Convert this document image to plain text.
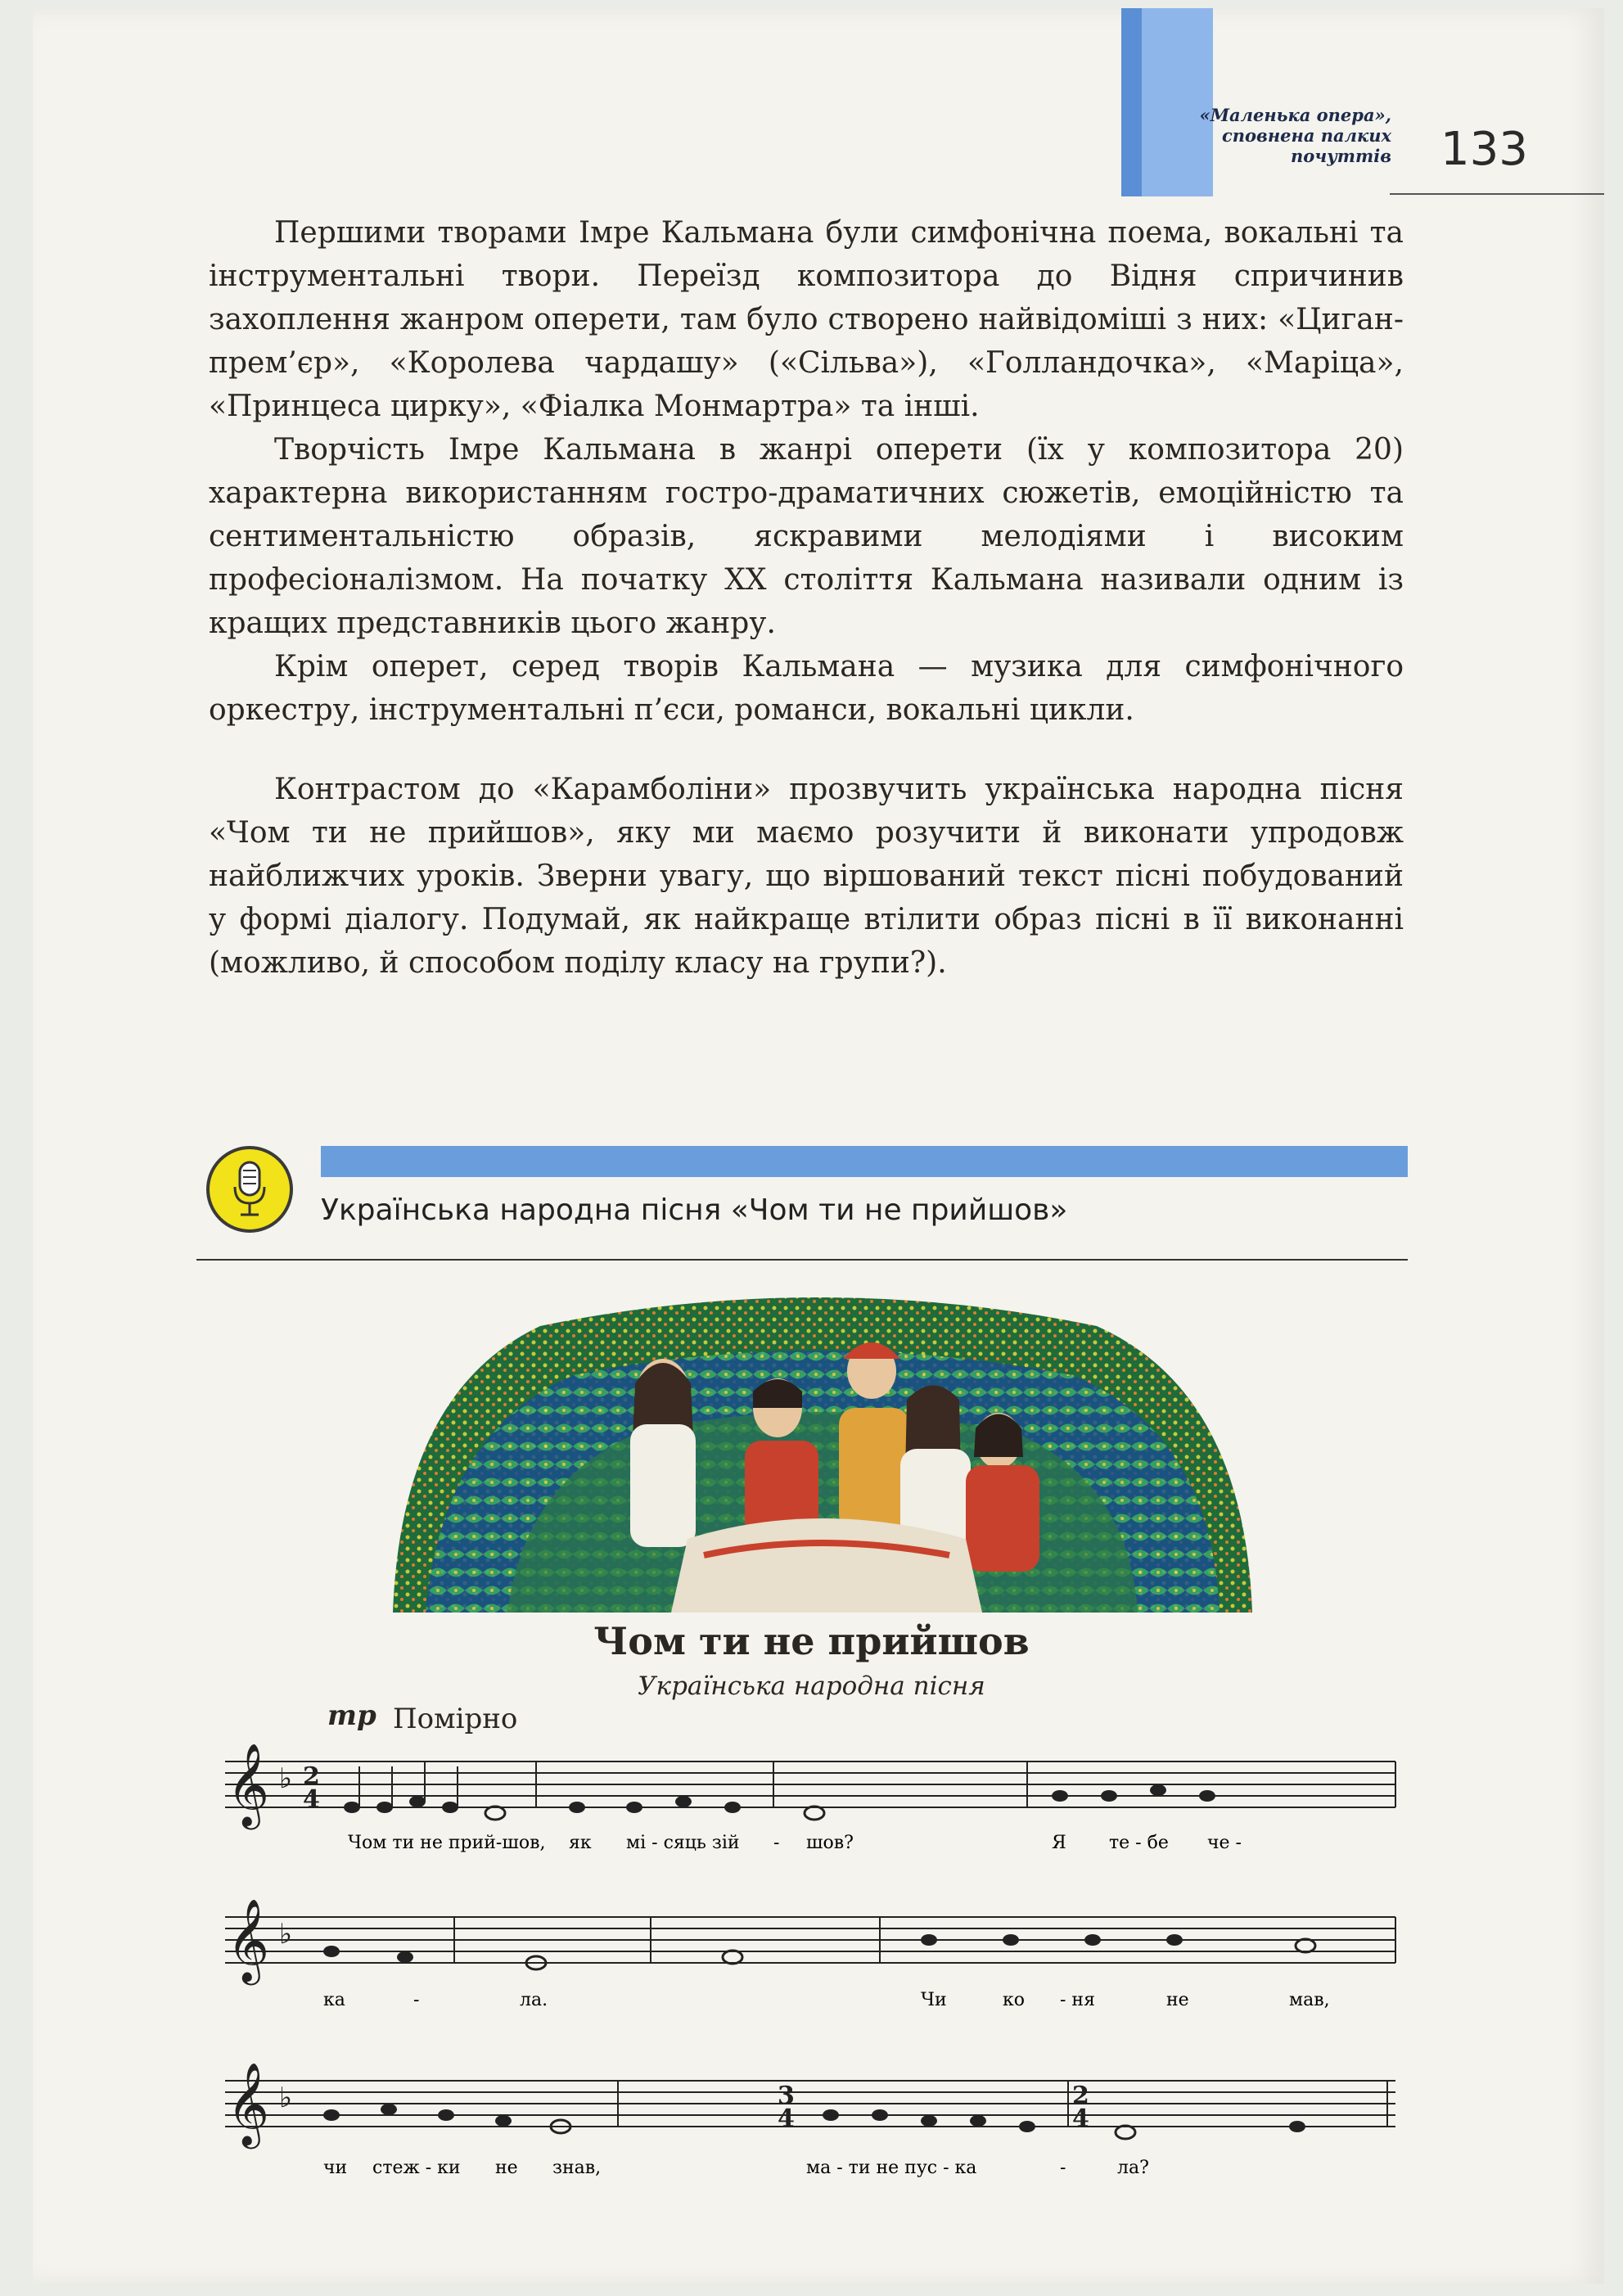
«Маленька опера»,
сповнена палких
почуттів 133

Першими творами Імре Кальмана були симфонічна поема, вокальні та інструментальні твори. Переїзд композитора до Відня спричинив захоплення жанром оперети, там було створено найвідоміші з них: «Циган-прем’єр», «Королева чардашу» («Сільва»), «Голландочка», «Маріца», «Принцеса цирку», «Фіалка Монмартра» та інші.

Творчість Імре Кальмана в жанрі оперети (їх у композитора 20) характерна використанням гостро-драматичних сюжетів, емоційністю та сентиментальністю образів, яскравими мелодіями і високим професіоналізмом. На початку XX століття Кальмана називали одним із кращих представників цього жанру.

Крім оперет, серед творів Кальмана — музика для симфонічного оркестру, інструментальні п’єси, романси, вокальні цикли.

Контрастом до «Карамболіни» прозвучить українська народна пісня «Чом ти не прийшов», яку ми маємо розучити й виконати упродовж найближчих уроків. Зверни увагу, що віршований текст пісні побудований у формі діалогу. Подумай, як найкраще втілити образ пісні в її виконанні (можливо, й способом поділу класу на групи?).

Українська народна пісня «Чом ти не прийшов»
Чом ти не прийшов
Українська народна пісня
mp Помірно
𝄞
𝄞
𝄞
♭
♭
♭
2
4
3
4
2
4
Чом ти не прий-шов, як мі - сяць зій - шов?	Я те - бе че -
ка	-	ла.	Чи	ко - ня	не	мав,
чи стеж - ки не знав,	ма - ти не пус - ка	-	ла?
